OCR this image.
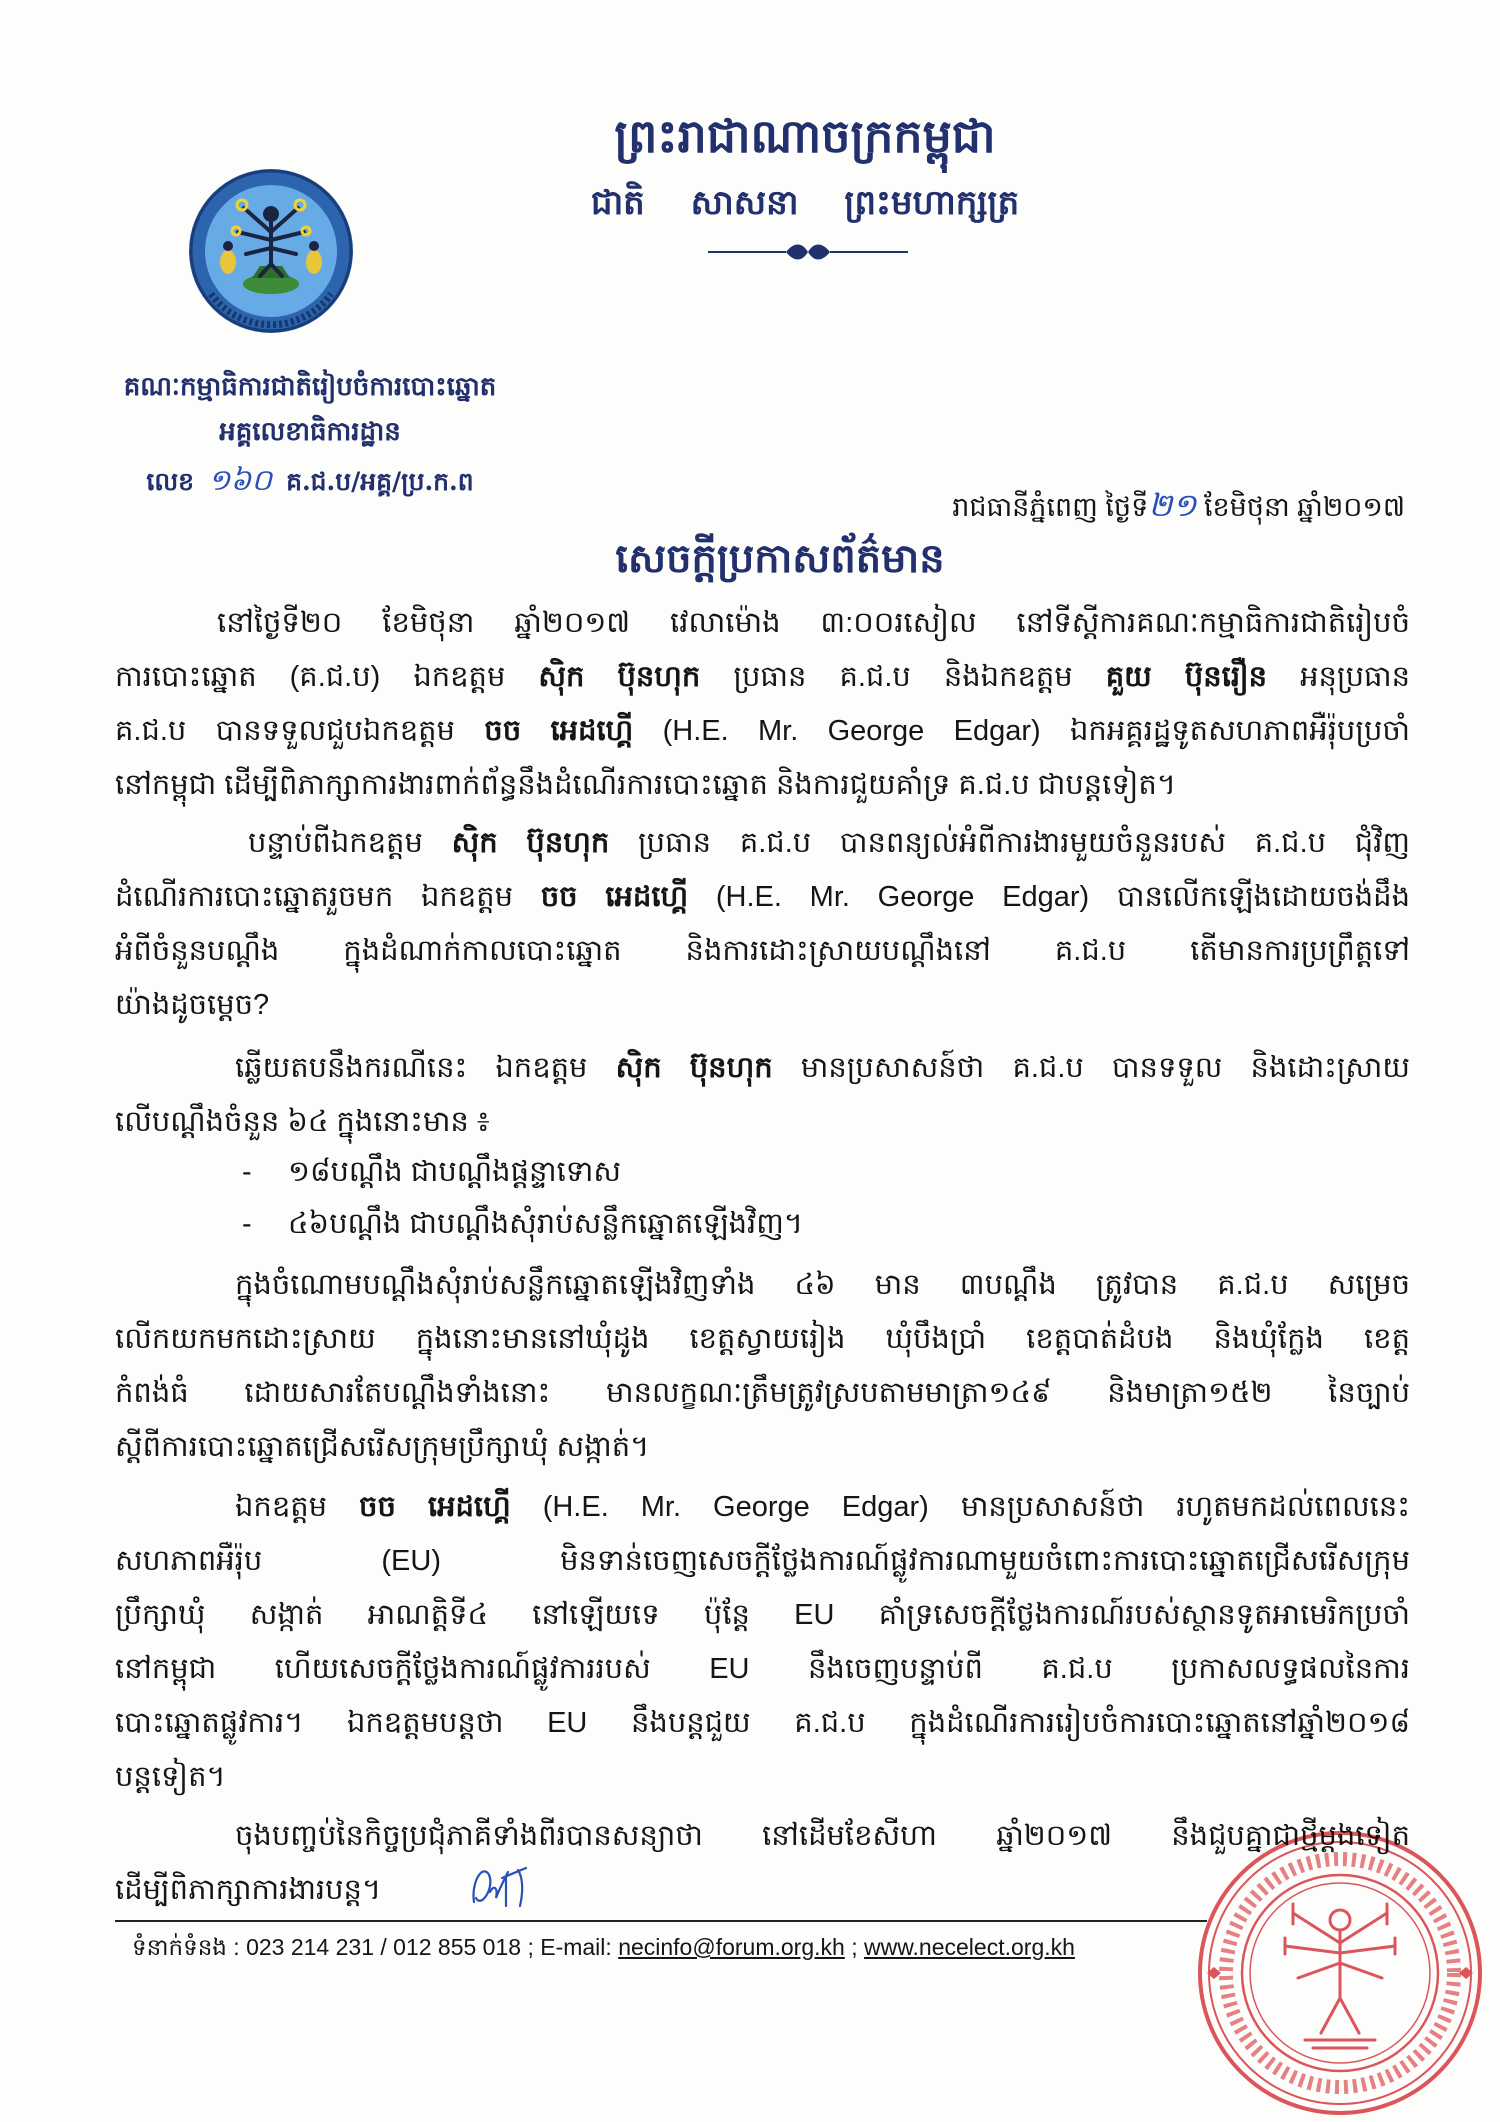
ព្រះរាជាណាចក្រកម្ពុជា
ជាតិ សាសនា ព្រះមហាក្សត្រ
គណៈកម្មាធិការជាតិរៀបចំការបោះឆ្នោត
អគ្គលេខាធិការដ្ឋាន
លេខ ១៦០ គ.ជ.ប/អគ្គ/ប្រ.ក.ព
រាជធានីភ្នំពេញ ថ្ងៃទី២១ ខែមិថុនា ឆ្នាំ២០១៧
សេចក្តីប្រកាសព័ត៌មាន
នៅថ្ងៃទី២០ ខែមិថុនា ឆ្នាំ២០១៧ វេលាម៉ោង ៣:០០រសៀល នៅទីស្តីការគណៈកម្មាធិការជាតិរៀបចំ
ការបោះឆ្នោត (គ.ជ.ប) ឯកឧត្តម ស៊ិក ប៊ុនហុក ប្រធាន គ.ជ.ប និងឯកឧត្តម គួយ ប៊ុនរឿន អនុប្រធាន
គ.ជ.ប បានទទួលជួបឯកឧត្តម ចច អេដហ្គើ (H.E. Mr. George Edgar) ឯកអគ្គរដ្ឋទូតសហភាពអឺរ៉ុបប្រចាំ
នៅកម្ពុជា ដើម្បីពិភាក្សាការងារពាក់ព័ន្ធនឹងដំណើរការបោះឆ្នោត និងការជួយគាំទ្រ គ.ជ.ប ជាបន្តទៀត។
បន្ទាប់ពីឯកឧត្តម ស៊ិក ប៊ុនហុក ប្រធាន គ.ជ.ប បានពន្យល់អំពីការងារមួយចំនួនរបស់ គ.ជ.ប ជុំវិញ
ដំណើរការបោះឆ្នោតរួចមក ឯកឧត្តម ចច អេដហ្គើ (H.E. Mr. George Edgar) បានលើកឡើងដោយចង់ដឹង
អំពីចំនួនបណ្តឹង ក្នុងដំណាក់កាលបោះឆ្នោត និងការដោះស្រាយបណ្តឹងនៅ គ.ជ.ប តើមានការប្រព្រឹត្តទៅ
យ៉ាងដូចម្តេច?
ឆ្លើយតបនឹងករណីនេះ ឯកឧត្តម ស៊ិក ប៊ុនហុក មានប្រសាសន៍ថា គ.ជ.ប បានទទួល និងដោះស្រាយ
លើបណ្តឹងចំនួន ៦៤ ក្នុងនោះមាន ៖
- ១៨បណ្តឹង ជាបណ្តឹងផ្តន្ទាទោស
- ៤៦បណ្តឹង ជាបណ្តឹងសុំរាប់សន្លឹកឆ្នោតឡើងវិញ។
ក្នុងចំណោមបណ្តឹងសុំរាប់សន្លឹកឆ្នោតឡើងវិញទាំង ៤៦ មាន ៣បណ្តឹង ត្រូវបាន គ.ជ.ប សម្រេច
លើកយកមកដោះស្រាយ ក្នុងនោះមាននៅឃុំដូង ខេត្តស្វាយរៀង ឃុំបឹងប្រាំ ខេត្តបាត់ដំបង និងឃុំក្លែង ខេត្ត
កំពង់ធំ ដោយសារតែបណ្តឹងទាំងនោះ មានលក្ខណៈត្រឹមត្រូវស្របតាមមាត្រា១៤៩ និងមាត្រា១៥២ នៃច្បាប់
ស្តីពីការបោះឆ្នោតជ្រើសរើសក្រុមប្រឹក្សាឃុំ សង្កាត់។
ឯកឧត្តម ចច អេដហ្គើ (H.E. Mr. George Edgar) មានប្រសាសន៍ថា រហូតមកដល់ពេលនេះ
សហភាពអឺរ៉ុប (EU) មិនទាន់ចេញសេចក្តីថ្លែងការណ៍ផ្លូវការណាមួយចំពោះការបោះឆ្នោតជ្រើសរើសក្រុម
ប្រឹក្សាឃុំ សង្កាត់ អាណត្តិទី៤ នៅឡើយទេ ប៉ុន្តែ EU គាំទ្រសេចក្តីថ្លែងការណ៍របស់ស្ថានទូតអាមេរិកប្រចាំ
នៅកម្ពុជា ហើយសេចក្តីថ្លែងការណ៍ផ្លូវការរបស់ EU នឹងចេញបន្ទាប់ពី គ.ជ.ប ប្រកាសលទ្ធផលនៃការ
បោះឆ្នោតផ្លូវការ។ ឯកឧត្តមបន្តថា EU នឹងបន្តជួយ គ.ជ.ប ក្នុងដំណើរការរៀបចំការបោះឆ្នោតនៅឆ្នាំ២០១៨
បន្តទៀត។
ចុងបញ្ចប់នៃកិច្ចប្រជុំភាគីទាំងពីរបានសន្យាថា នៅដើមខែសីហា ឆ្នាំ២០១៧ នឹងជួបគ្នាជាថ្មីម្តងទៀត
ដើម្បីពិភាក្សាការងារបន្ត។
ទំនាក់ទំនង : 023 214 231 / 012 855 018 ; E-mail: necinfo@forum.org.kh ; www.necelect.org.kh
